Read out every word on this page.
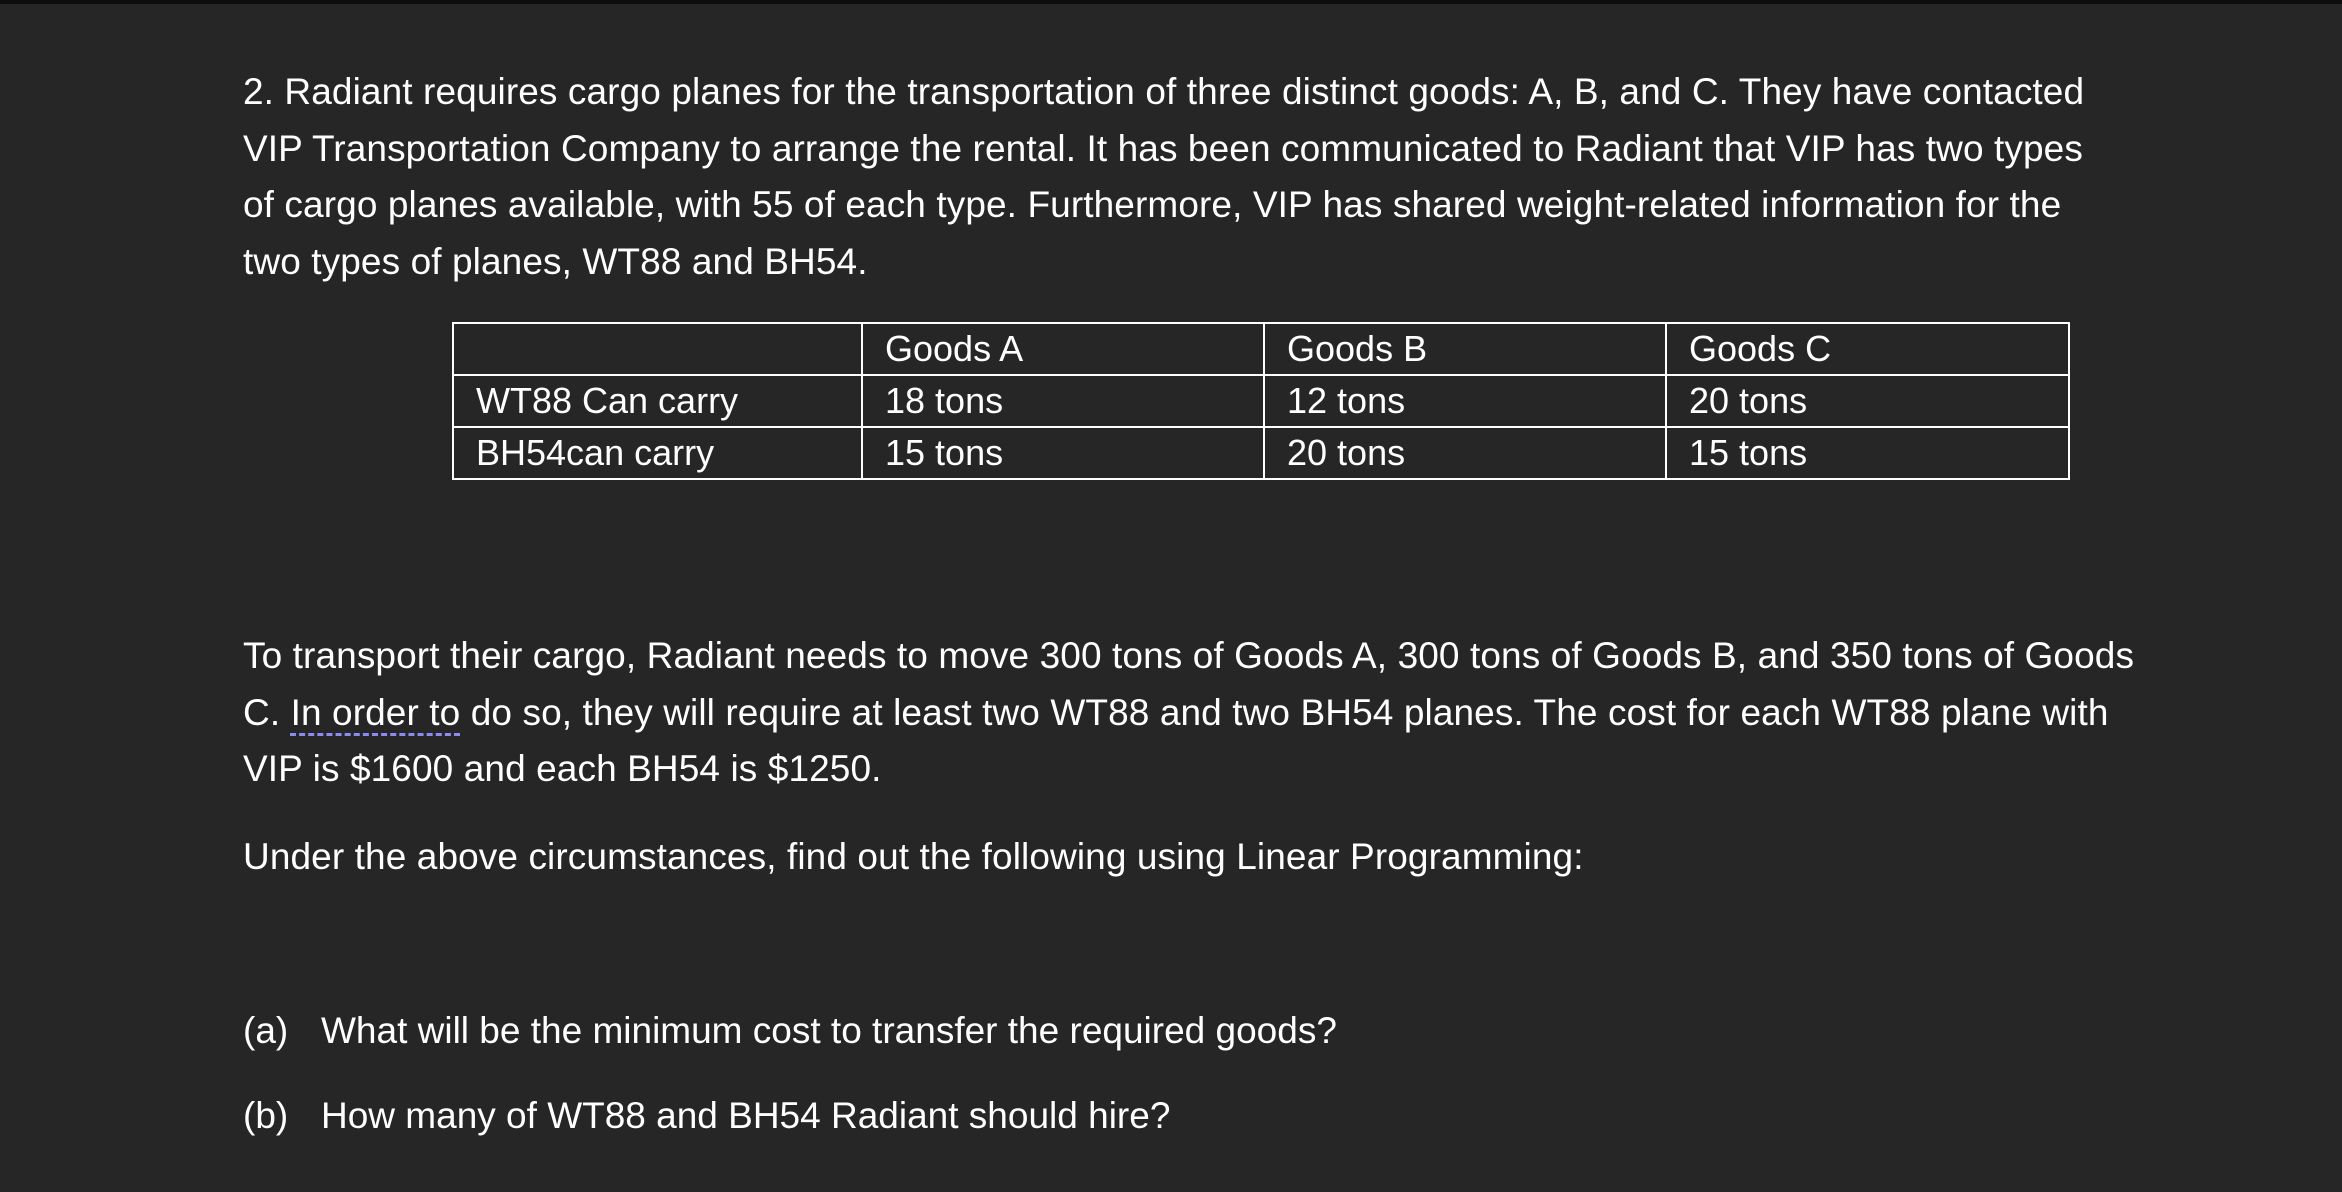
2. Radiant requires cargo planes for the transportation of three distinct goods: A, B, and C. They have contacted VIP Transportation Company to arrange the rental. It has been communicated to Radiant that VIP has two types of cargo planes available, with 55 of each type. Furthermore, VIP has shared weight-related information for the two types of planes, WT88 and BH54.

	Goods A	Goods B	Goods C
WT88 Can carry	18 tons	12 tons	20 tons
BH54can carry	15 tons	20 tons	15 tons

To transport their cargo, Radiant needs to move 300 tons of Goods A, 300 tons of Goods B, and 350 tons of Goods C. In order to do so, they will require at least two WT88 and two BH54 planes. The cost for each WT88 plane with VIP is $1600 and each BH54 is $1250.

Under the above circumstances, find out the following using Linear Programming:

(a) What will be the minimum cost to transfer the required goods?
(b) How many of WT88 and BH54 Radiant should hire?
